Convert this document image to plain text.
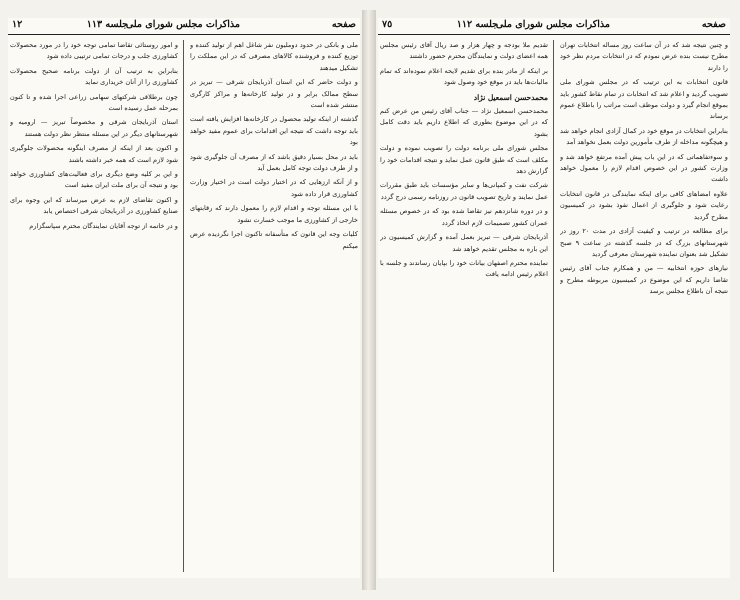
صفحه
مذاکرات مجلس شورای ملی
جلسه ١١٣
١٢

ملی و بانکی در حدود دوملیون نفر شاغل اهم از تولید کننده و توزیع کننده و فروشنده کالاهای مصرفی که در این مملکت را تشکیل میدهند

و دولت حاضر که این استان آذربایجان شرقی — تبریز در سطح ممالک برابر و در تولید کارخانه‌ها و مراکز کارگری منتشر شده است

گذشته از اینکه تولید محصول در کارخانه‌ها افزایش یافته است باید توجه داشت که نتیجه این اقدامات برای عموم مفید خواهد بود

باید در محل بسیار دقیق باشد که از مصرف آن جلوگیری شود و از طرف دولت توجه کامل بعمل آید

و از آنکه ارزهایی که در اختیار دولت است در اختیار وزارت کشاورزی قرار داده شود

با این مسئله توجه و اقدام لازم را معمول دارند که رقابتهای خارجی از کشاورزی ما موجب خسارت نشود

کلیات وجه این قانون که متأسفانه تاکنون اجرا نگردیده عرض میکنم

و امور روستائی تقاضا تمامی توجه خود را در مورد محصولات کشاورزی جلب و درجات تمامی ترتیبی داده شود

بنابراین به ترتیب آن از دولت برنامه صحیح محصولات کشاورزی را از آنان خریداری نماید

چون برطلاقی شرکتهای سهامی زراعی اجرا شده و تا کنون بمرحله عمل رسیده است

استان آذربایجان شرقی و مخصوصاً تبریز — ارومیه و شهرستانهای دیگر در این مسئله منتظر نظر دولت هستند

و اکنون بعد از اینکه از مصرف اینگونه محصولات جلوگیری شود لازم است که همه خبر داشته باشند

و این بر کلیه وضع دیگری برای فعالیت‌های کشاورزی خواهد بود و نتیجه آن برای ملت ایران مفید است

و اکنون تقاضای لازم به عرض میرساند که این وجوه برای صنایع کشاورزی در آذربایجان شرقی اختصاص یابد

و در خاتمه از توجه آقایان نمایندگان محترم سپاسگزارم

صفحه
مذاکرات مجلس شورای ملی
جلسه ١١٢
٧٥

و چنین نتیجه شد که در آن ساعت روز مساله انتخابات تهران مطرح نیست بنده عرض نمودم که در انتخابات مردم نظر خود را دارند

قانون انتخابات به این ترتیب که در مجلس شورای ملی تصویب گردید و اعلام شد که انتخابات در تمام نقاط کشور باید بموقع انجام گیرد و دولت موظف است مراتب را باطلاع عموم برساند

بنابراین انتخابات در موقع خود در کمال آزادی انجام خواهد شد و هیچگونه مداخله از طرف مأمورین دولت بعمل نخواهد آمد

و سوءتفاهماتی که در این باب پیش آمده مرتفع خواهد شد و وزارت کشور در این خصوص اقدام لازم را معمول خواهد داشت

علاوه امضاهای کافی برای اینکه نمایندگی در قانون انتخابات رعایت شود و جلوگیری از اعمال نفوذ بشود در کمیسیون مطرح گردید

برای مطالعه در ترتیب و کیفیت آزادی در مدت ٢٠ روز در شهرستانهای بزرگ که در جلسه گذشته در ساعت ٩ صبح تشکیل شد بعنوان نماینده شهرستان معرفی گردید

نیازهای حوزه انتخابیه — من و همکارم جناب آقای رئیس تقاضا داریم که این موضوع در کمیسیون مربوطه مطرح و نتیجه آن باطلاع مجلس برسد

تقدیم ملا بودجه و چهار هزار و صد ریال آقای رئیس مجلس همه اعضای دولت و نمایندگان محترم حضور داشتند

بر اینکه از مادر بنده برای تقدیم لایحه اعلام نموده‌اند که تمام مالیات‌ها باید در موقع خود وصول شود

محمدحسن اسمعیل نژاد

محمدحسن اسمعیل نژاد — جناب آقای رئیس من عرض کنم که در این موضوع بطوری که اطلاع داریم باید دقت کامل بشود

مجلس شورای ملی برنامه دولت را تصویب نموده و دولت مکلف است که طبق قانون عمل نماید و نتیجه اقدامات خود را گزارش دهد

شرکت نفت و کمپانی‌ها و سایر مؤسسات باید طبق مقررات عمل نمایند و تاریخ تصویب قانون در روزنامه رسمی درج گردد

و در دوره شانزدهم نیز تقاضا شده بود که در خصوص مسئله عمران کشور تصمیمات لازم اتخاذ گردد

آذربایجان شرقی — تبریز بعمل آمده و گزارش کمیسیون در این باره به مجلس تقدیم خواهد شد

نماینده محترم اصفهان بیانات خود را بپایان رساندند و جلسه با اعلام رئیس ادامه یافت
